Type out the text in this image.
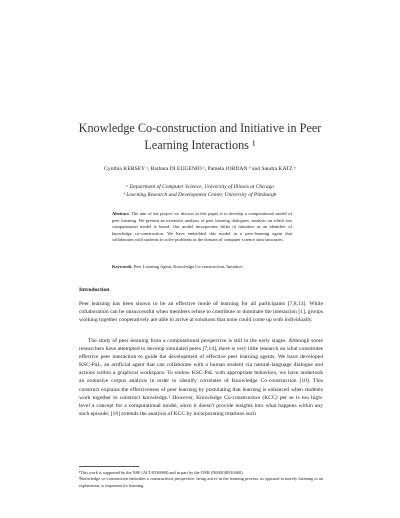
Knowledge Co-construction and Initiative in Peer Learning Interactions ¹
Cynthia KERSEY ᵃ, Barbara DI EUGENIO ᵃ, Pamela JORDAN ᵇ and Sandra KATZ ᵇ
ᵃ Department of Computer Science, University of Illinois at Chicago
ᵇ Learning Research and Development Center, University of Pittsburgh
Abstract. The aim of the project we discuss in this paper is to develop a computational model of peer learning. We present an extensive analysis of peer learning dialogues, analysis on which our computational model is based. Our model incorporates shifts of initiative as an identifier of knowledge co-construction. We have embedded this model in a peer-learning agent that collaborates with students to solve problems in the domain of computer science data structures.
Keywords. Peer Learning Agent, Knowledge Co-construction, Initiative
Introduction
Peer learning has been shown to be an effective mode of learning for all participants [7,8,13]. While collaboration can be unsuccessful when members refuse to contribute or dominate the interaction [1], groups working together cooperatively are able to arrive at solutions that none could come up with individually.
The study of peer learning from a computational perspective is still in the early stages. Although some researchers have attempted to develop simulated peers [7,14], there is very little research on what constitutes effective peer interaction to guide the development of effective peer learning agents. We have developed KSC-PaL, an artificial agent that can collaborate with a human student via natural-language dialogue and actions within a graphical workspace. To endow KSC-PaL with appropriate behaviors, we have undertook an extensive corpus analysis in order to identify correlates of Knowledge Co-construction [10]. This construct explains the effectiveness of peer learning by postulating that learning is enhanced when students work together to construct knowledge.² However, Knowledge Co-construction (KCC) per se is too high-level a concept for a computational model, since it doesn't provide insights into what happens within any such episode; [10] extends the analysis of KCC by incorporating relations such
¹This work is supported by the NSF (ALT-0536968) and in part by the ONR (N000140910460).
²Knowledge co-construction embodies a constructivist perspective: being active in the learning process, as opposed to merely listening to an explanation, is important for learning.
